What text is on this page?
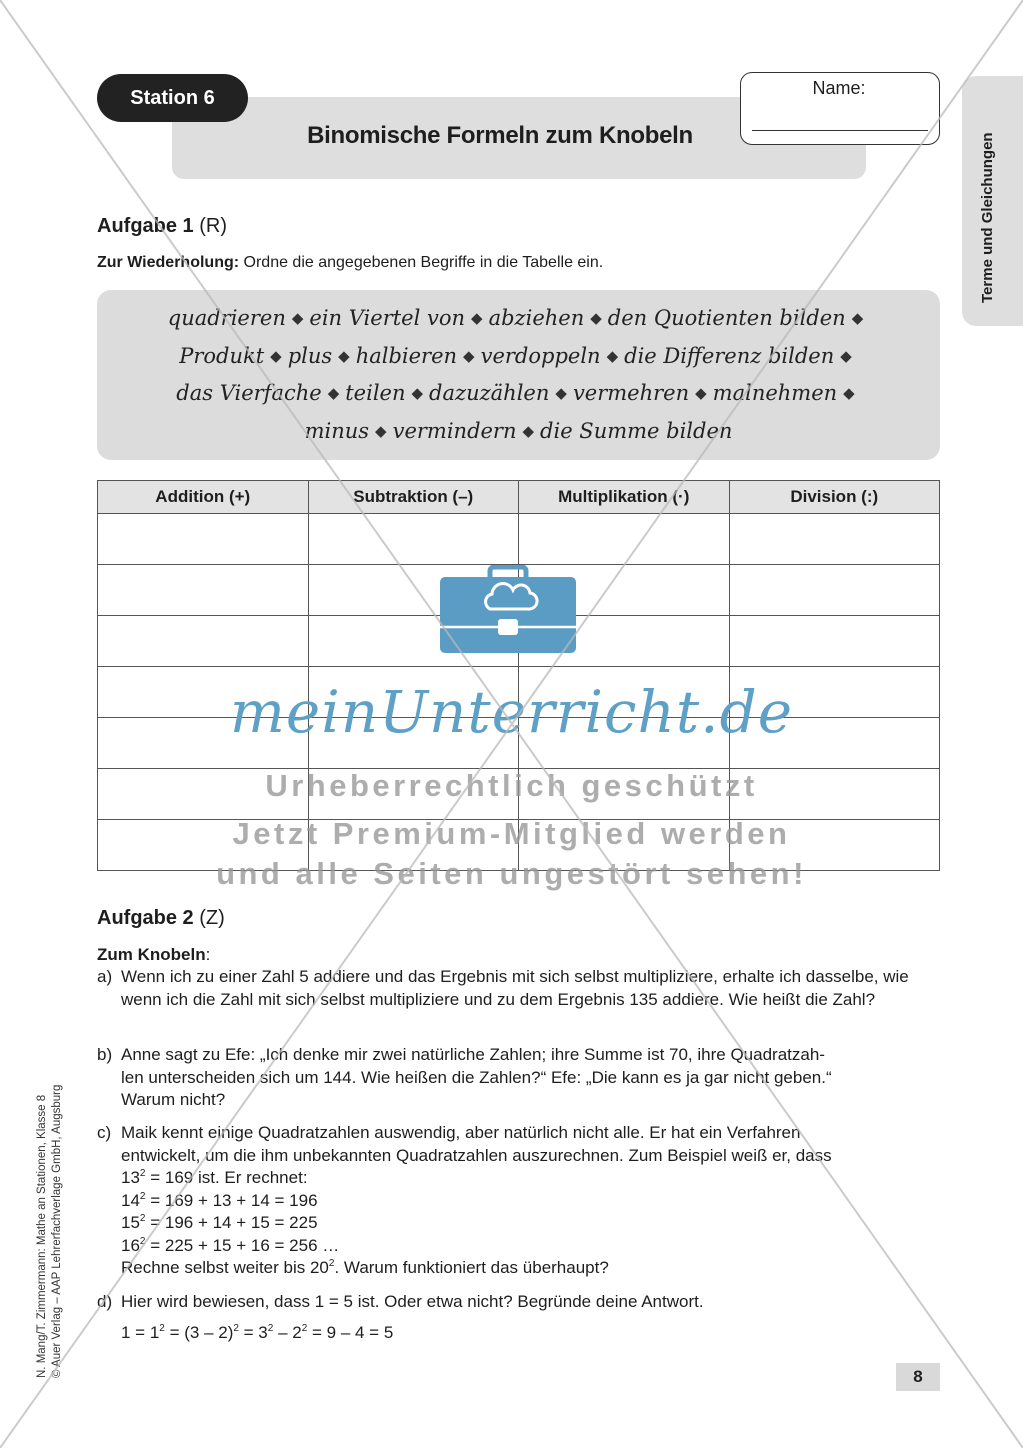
Station 6
Binomische Formeln zum Knobeln
Name:
Terme und Gleichungen
Aufgabe 1 (R)
Zur Wiederholung: Ordne die angegebenen Begriffe in die Tabelle ein.
quadrieren ◆ ein Viertel von ◆ abziehen ◆ den Quotienten bilden ◆
Produkt ◆ plus ◆ halbieren ◆ verdoppeln ◆ die Differenz bilden ◆
das Vierfache ◆ teilen ◆ dazuzählen ◆ vermehren ◆ malnehmen ◆
minus ◆ vermindern ◆ die Summe bilden
Addition (+)	Subtraktion (–)	Multiplikation (·)	Division (:)

meinUnterricht.de
Urheberrechtlich geschützt
Jetzt Premium-Mitglied werden
und alle Seiten ungestört sehen!
Aufgabe 2 (Z)
Zum Knobeln:
a) Wenn ich zu einer Zahl 5 addiere und das Ergebnis mit sich selbst multipliziere, erhalte ich dasselbe, wie wenn ich die Zahl mit sich selbst multipliziere und zu dem Ergebnis 135 addiere. Wie heißt die Zahl?
b) Anne sagt zu Efe: „Ich denke mir zwei natürliche Zahlen; ihre Summe ist 70, ihre Quadratzah-
len unterscheiden sich um 144. Wie heißen die Zahlen?“ Efe: „Die kann es ja gar nicht geben.“
Warum nicht?
c) Maik kennt einige Quadratzahlen auswendig, aber natürlich nicht alle. Er hat ein Verfahren
entwickelt, um die ihm unbekannten Quadratzahlen auszurechnen. Zum Beispiel weiß er, dass
$13^2 = 169$ ist. Er rechnet:
$14^2 = 169 + 13 + 14 = 196$
$15^2 = 196 + 14 + 15 = 225$
$16^2 = 225 + 15 + 16 = 256$ …
Rechne selbst weiter bis $20^2$. Warum funktioniert das überhaupt?
d) Hier wird bewiesen, dass 1 = 5 ist. Oder etwa nicht? Begründe deine Antwort.
$1 = 1^2 = (3 - 2)^2 = 3^2 - 2^2 = 9 - 4 = 5$
N. Mang/T. Zimmermann: Mathe an Stationen, Klasse 8 © Auer Verlag – AAP Lehrerfachverlage GmbH, Augsburg	8
